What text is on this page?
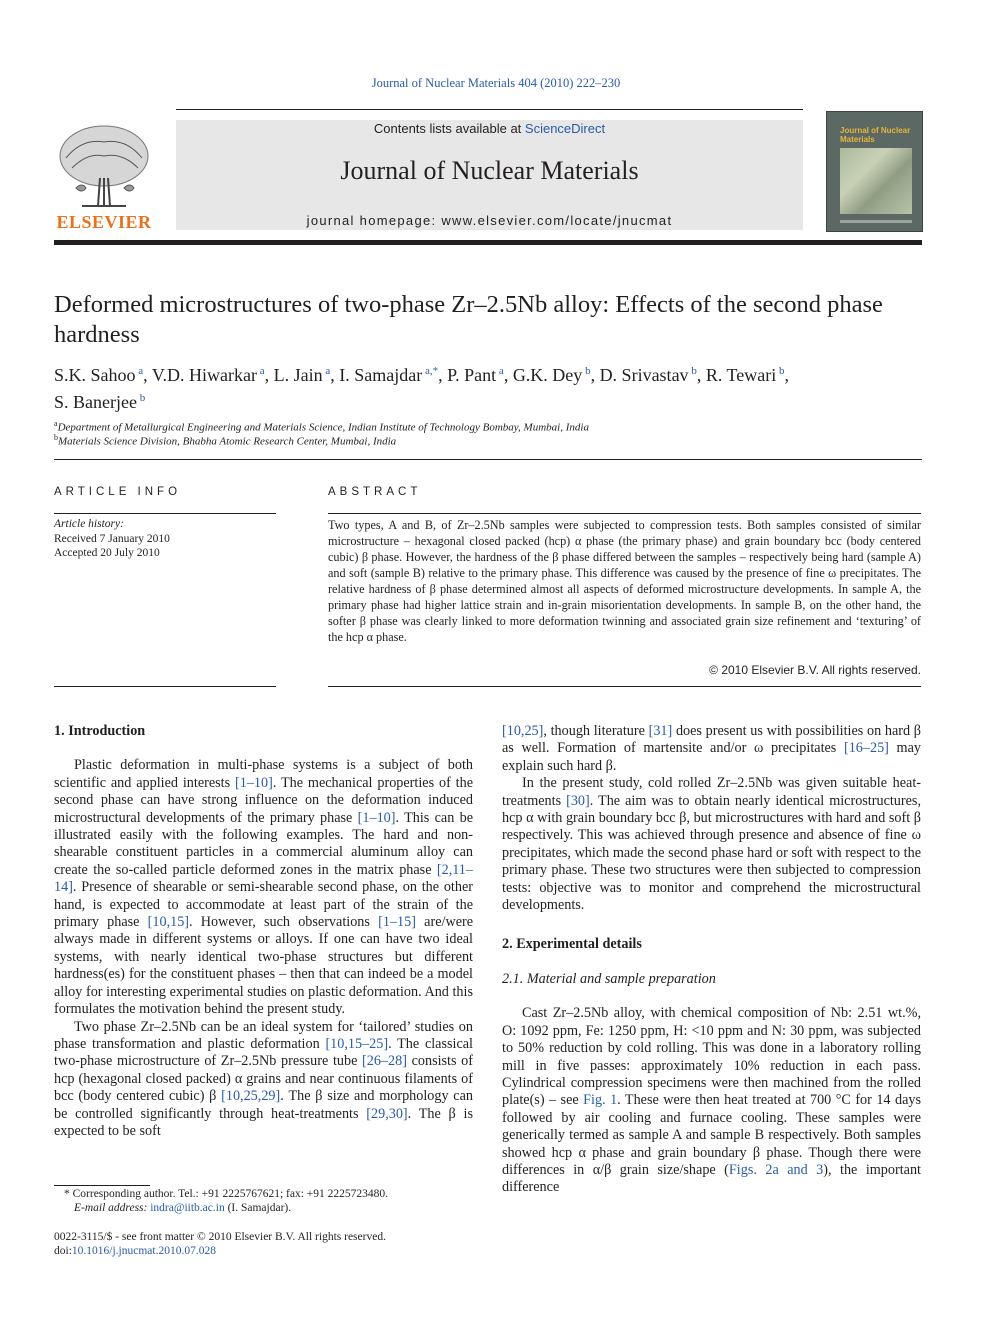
Journal of Nuclear Materials 404 (2010) 222–230
ELSEVIER
Contents lists available at ScienceDirect
Journal of Nuclear Materials
journal homepage: www.elsevier.com/locate/jnucmat
Journal of Nuclear Materials
Deformed microstructures of two-phase Zr–2.5Nb alloy: Effects of the second phase hardness
S.K. Sahoo $^a$, V.D. Hiwarkar $^a$, L. Jain $^a$, I. Samajdar $^{a,*}$, P. Pant $^a$, G.K. Dey $^b$, D. Srivastav $^b$, R. Tewari $^b$,
S. Banerjee $^b$
$^a$Department of Metallurgical Engineering and Materials Science, Indian Institute of Technology Bombay, Mumbai, India
$^b$Materials Science Division, Bhabha Atomic Research Center, Mumbai, India
ARTICLE INFO
Article history:
Received 7 January 2010
Accepted 20 July 2010
ABSTRACT
Two types, A and B, of Zr–2.5Nb samples were subjected to compression tests. Both samples consisted of similar microstructure – hexagonal closed packed (hcp) α phase (the primary phase) and grain boundary bcc (body centered cubic) β phase. However, the hardness of the β phase differed between the samples – respectively being hard (sample A) and soft (sample B) relative to the primary phase. This difference was caused by the presence of fine ω precipitates. The relative hardness of β phase determined almost all aspects of deformed microstructure developments. In sample A, the primary phase had higher lattice strain and in-grain misorientation developments. In sample B, on the other hand, the softer β phase was clearly linked to more deformation twinning and associated grain size refinement and ‘texturing’ of the hcp α phase.
© 2010 Elsevier B.V. All rights reserved.
1. Introduction

Plastic deformation in multi-phase systems is a subject of both scientific and applied interests [1–10]. The mechanical properties of the second phase can have strong influence on the deformation induced microstructural developments of the primary phase [1–10]. This can be illustrated easily with the following examples. The hard and non-shearable constituent particles in a commercial aluminum alloy can create the so-called particle deformed zones in the matrix phase [2,11–14]. Presence of shearable or semi-shearable second phase, on the other hand, is expected to accommodate at least part of the strain of the primary phase [10,15]. However, such observations [1–15] are/were always made in different systems or alloys. If one can have two ideal systems, with nearly identical two-phase structures but different hardness(es) for the constituent phases – then that can indeed be a model alloy for interesting experimental studies on plastic deformation. And this formulates the motivation behind the present study.

Two phase Zr–2.5Nb can be an ideal system for ‘tailored’ studies on phase transformation and plastic deformation [10,15–25]. The classical two-phase microstructure of Zr–2.5Nb pressure tube [26–28] consists of hcp (hexagonal closed packed) α grains and near continuous filaments of bcc (body centered cubic) β [10,25,29]. The β size and morphology can be controlled significantly through heat-treatments [29,30]. The β is expected to be soft

* Corresponding author. Tel.: +91 2225767621; fax: +91 2225723480.
E-mail address: indra@iitb.ac.in (I. Samajdar).
0022-3115/$ - see front matter © 2010 Elsevier B.V. All rights reserved.
doi:10.1016/j.jnucmat.2010.07.028

[10,25], though literature [31] does present us with possibilities on hard β as well. Formation of martensite and/or ω precipitates [16–25] may explain such hard β.

In the present study, cold rolled Zr–2.5Nb was given suitable heat-treatments [30]. The aim was to obtain nearly identical microstructures, hcp α with grain boundary bcc β, but microstructures with hard and soft β respectively. This was achieved through presence and absence of fine ω precipitates, which made the second phase hard or soft with respect to the primary phase. These two structures were then subjected to compression tests: objective was to monitor and comprehend the microstructural developments.

2. Experimental details
2.1. Material and sample preparation

Cast Zr–2.5Nb alloy, with chemical composition of Nb: 2.51 wt.%, O: 1092 ppm, Fe: 1250 ppm, H: <10 ppm and N: 30 ppm, was subjected to 50% reduction by cold rolling. This was done in a laboratory rolling mill in five passes: approximately 10% reduction in each pass. Cylindrical compression specimens were then machined from the rolled plate(s) – see Fig. 1. These were then heat treated at 700 °C for 14 days followed by air cooling and furnace cooling. These samples were generically termed as sample A and sample B respectively. Both samples showed hcp α phase and grain boundary β phase. Though there were differences in α/β grain size/shape (Figs. 2a and 3), the important difference
